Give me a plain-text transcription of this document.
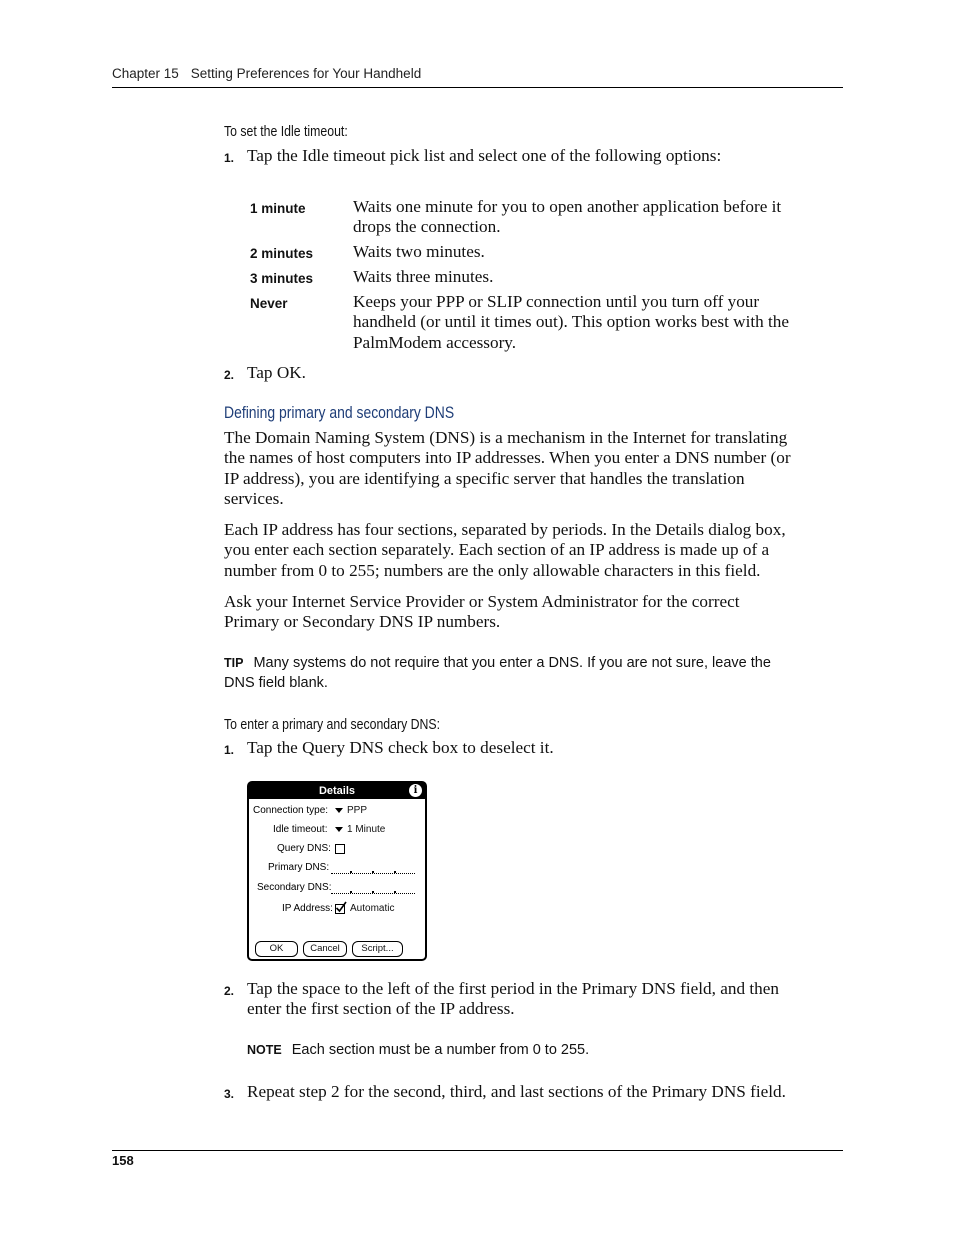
Chapter 15 Setting Preferences for Your Handheld
To set the Idle timeout:
1. Tap the Idle timeout pick list and select one of the following options:
1 minute	Waits one minute for you to open another application before it
drops the connection.
2 minutes Waits two minutes.
3 minutes Waits three minutes.
Never	Keeps your PPP or SLIP connection until you turn off your
handheld (or until it times out). This option works best with the
PalmModem accessory.
2. Tap OK.
Defining primary and secondary DNS
The Domain Naming System (DNS) is a mechanism in the Internet for translating
the names of host computers into IP addresses. When you enter a DNS number (or
IP address), you are identifying a specific server that handles the translation
services.
Each IP address has four sections, separated by periods. In the Details dialog box,
you enter each section separately. Each section of an IP address is made up of a
number from 0 to 255; numbers are the only allowable characters in this field.
Ask your Internet Service Provider or System Administrator for the correct
Primary or Secondary DNS IP numbers.
TIP Many systems do not require that you enter a DNS. If you are not sure, leave the
DNS field blank.
To enter a primary and secondary DNS:
1. Tap the Query DNS check box to deselect it.
Details	i
Connection type:	PPP
Idle timeout:	1 Minute
Query DNS:
Primary DNS:
Secondary DNS:
IP Address: Automatic
OK	Cancel	Script...
2. Tap the space to the left of the first period in the Primary DNS field, and then
enter the first section of the IP address.
NOTE Each section must be a number from 0 to 255.
3. Repeat step 2 for the second, third, and last sections of the Primary DNS field.
158
